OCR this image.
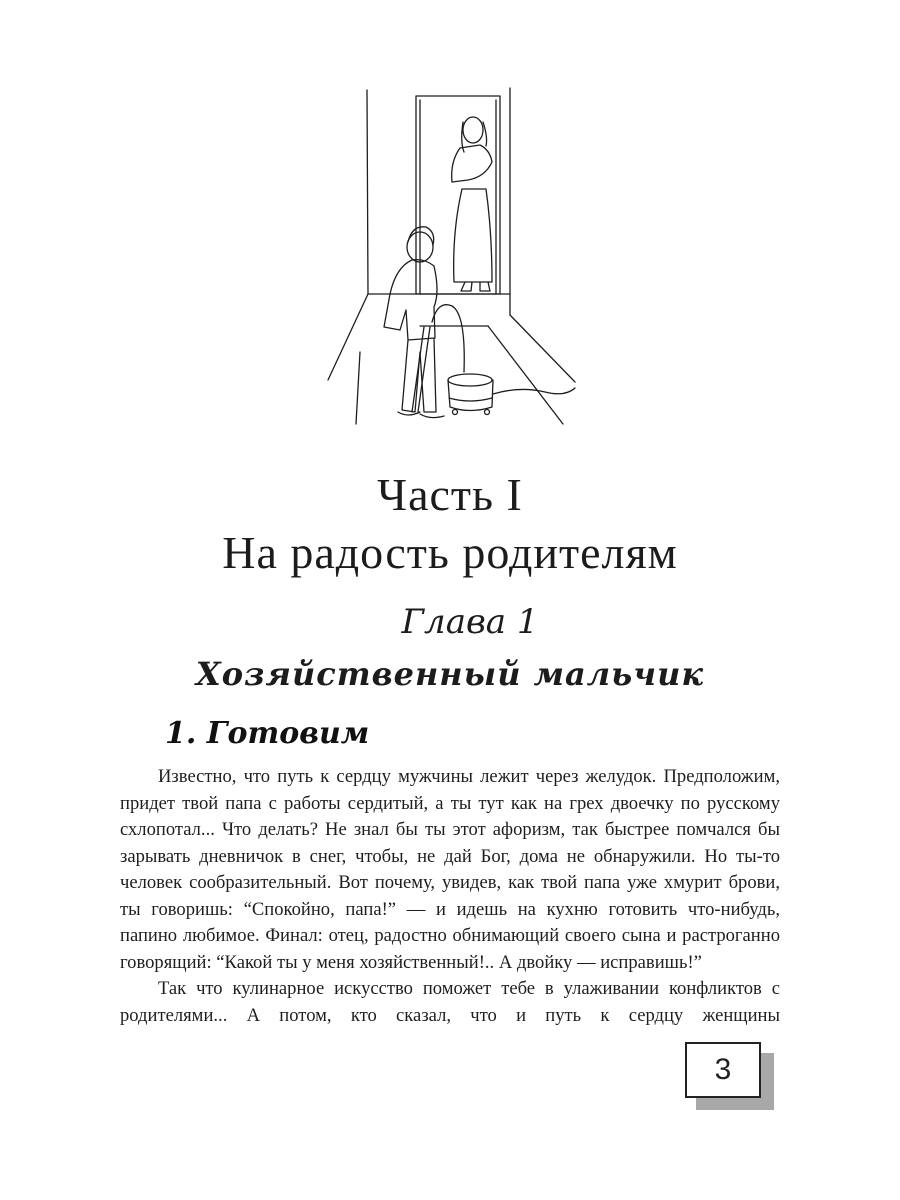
Часть I
На радость родителям
Глава 1
Хозяйственный мальчик
1. Готовим

Известно, что путь к сердцу мужчины лежит через желудок. Предположим, придет твой папа с работы сердитый, а ты тут как на грех двоечку по русскому схлопотал... Что делать? Не знал бы ты этот афоризм, так быстрее помчался бы зарывать дневничок в снег, чтобы, не дай Бог, дома не обнаружили. Но ты-то человек сообразительный. Вот почему, увидев, как твой папа уже хмурит брови, ты говоришь: “Спокойно, папа!” — и идешь на кухню готовить что-нибудь, папино любимое. Финал: отец, радостно обнимающий своего сына и растроганно говорящий: “Какой ты у меня хозяйственный!.. А двойку — исправишь!”

Так что кулинарное искусство поможет тебе в улаживании конфликтов с родителями... А потом, кто сказал, что и путь к сердцу женщины

3
